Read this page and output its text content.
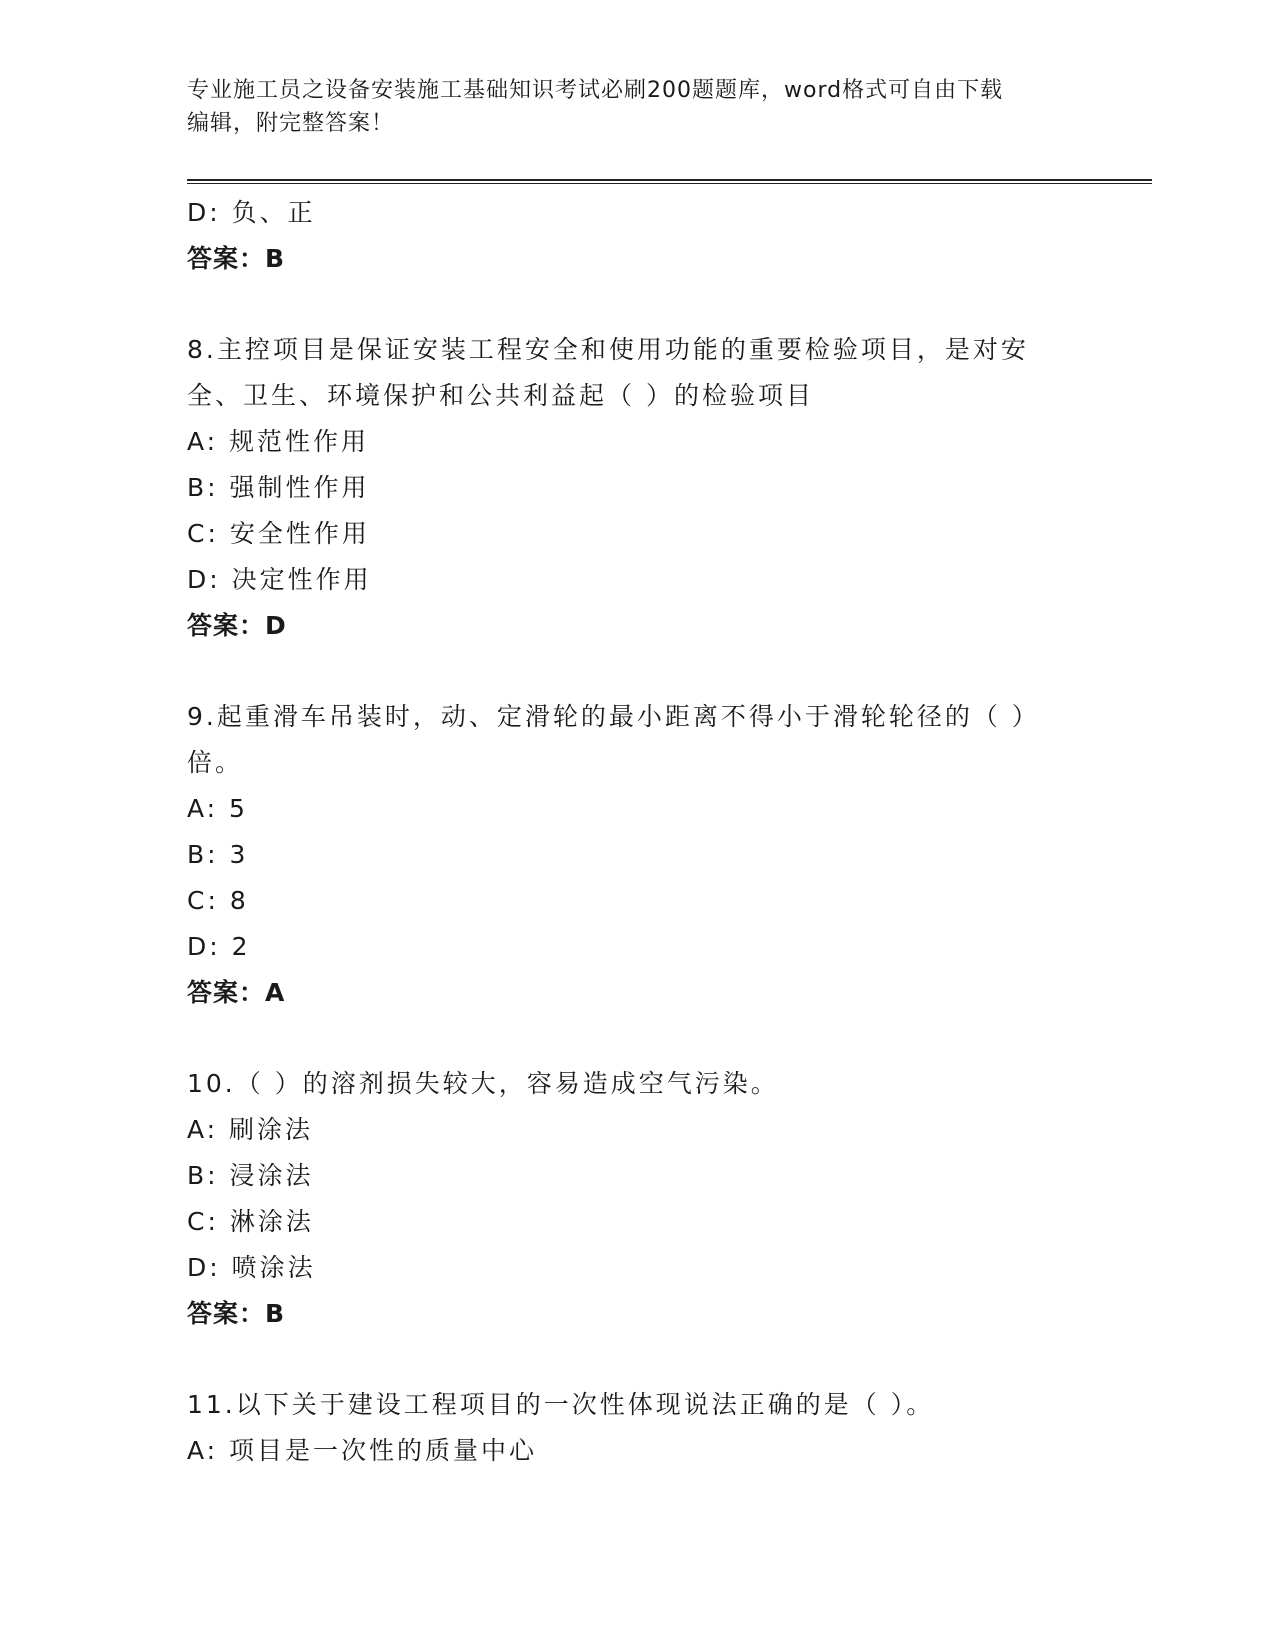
专业施工员之设备安装施工基础知识考试必刷200题题库，word格式可自由下载
编辑，附完整答案！
D: 负、正
答案：B
8.主控项目是保证安装工程安全和使用功能的重要检验项目，是对安
全、卫生、环境保护和公共利益起（ ）的检验项目
A: 规范性作用
B: 强制性作用
C: 安全性作用
D: 决定性作用
答案：D
9.起重滑车吊装时，动、定滑轮的最小距离不得小于滑轮轮径的（ ）
倍。
A: 5
B: 3
C: 8
D: 2
答案：A
10.（ ）的溶剂损失较大，容易造成空气污染。
A: 刷涂法
B: 浸涂法
C: 淋涂法
D: 喷涂法
答案：B
11.以下关于建设工程项目的一次性体现说法正确的是（ ）。
A: 项目是一次性的质量中心
